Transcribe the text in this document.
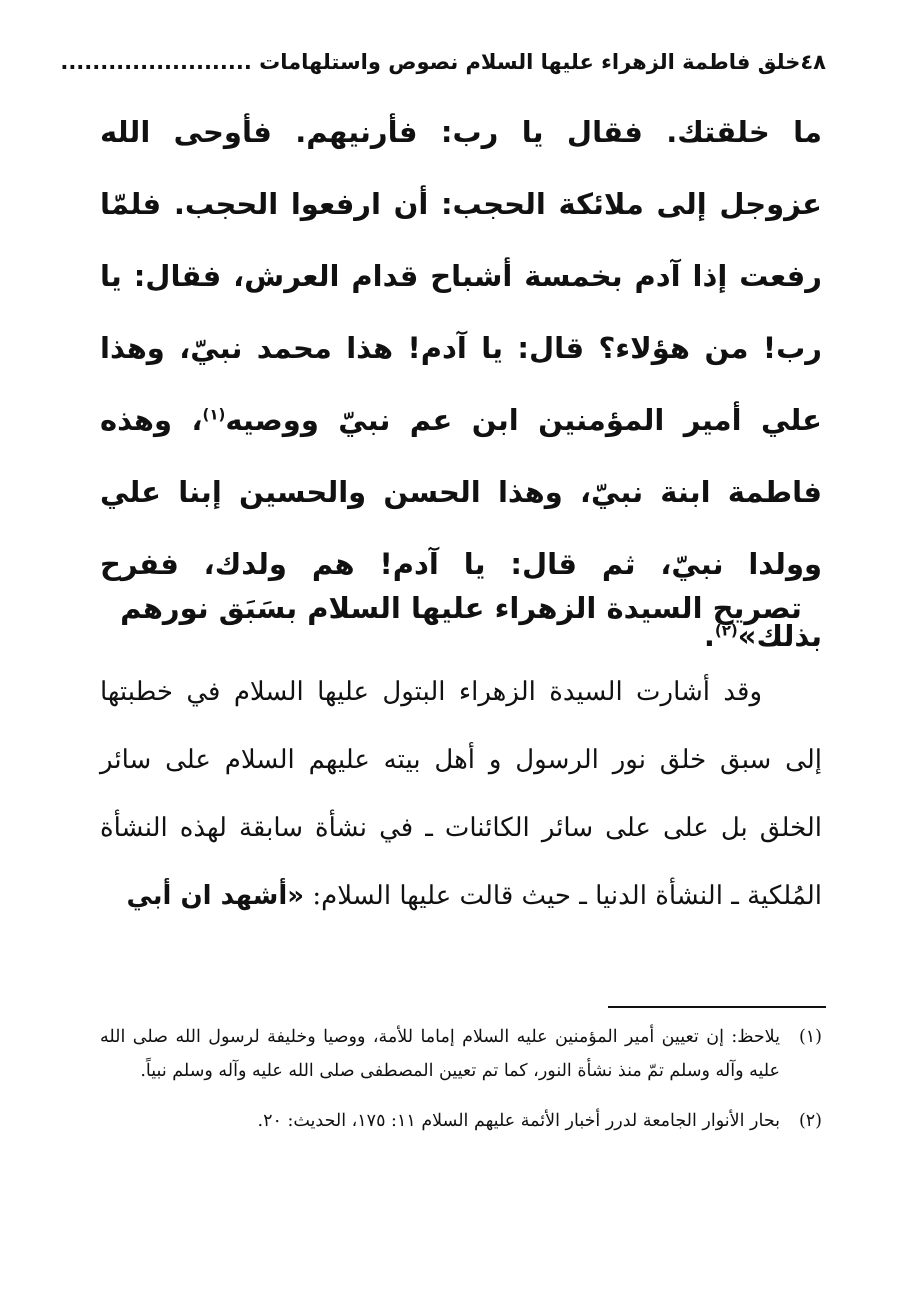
خلق فاطمة الزهراء عليها السلام نصوص واستلهامات ........................ ٤٨

ما خلقتك. فقال يا رب: فأرنيهم. فأوحى الله عزوجل إلى ملائكة الحجب: أن ارفعوا الحجب. فلمّا رفعت إذا آدم بخمسة أشباح قدام العرش، فقال: يا رب! من هؤلاء؟ قال: يا آدم! هذا محمد نبيّ، وهذا علي أمير المؤمنين ابن عم نبيّ ووصيه$^{(١)}$، وهذه فاطمة ابنة نبيّ، وهذا الحسن والحسين إبنا علي وولدا نبيّ، ثم قال: يا آدم! هم ولدك، ففرح بذلك»$^{(٢)}$.

تصريح السيدة الزهراء عليها السلام بسَبَق نورهم

وقد أشارت السيدة الزهراء البتول عليها السلام في خطبتها إلى سبق خلق نور الرسول و أهل بيته عليهم السلام على سائر الخلق بل على على سائر الكائنات ـ في نشأة سابقة لهذه النشأة المُلكية ـ النشأة الدنيا ـ حيث قالت عليها السلام: «أشهد ان أبي

(١)
يلاحظ: إن تعيين أمير المؤمنين عليه السلام إماما للأمة، ووصيا وخليفة لرسول الله صلى الله عليه وآله وسلم تمّ منذ نشأة النور، كما تم تعيين المصطفى صلى الله عليه وآله وسلم نبياً.

(٢)
بحار الأنوار الجامعة لدرر أخبار الأئمة عليهم السلام ١١: ١٧٥، الحديث: ٢٠.
